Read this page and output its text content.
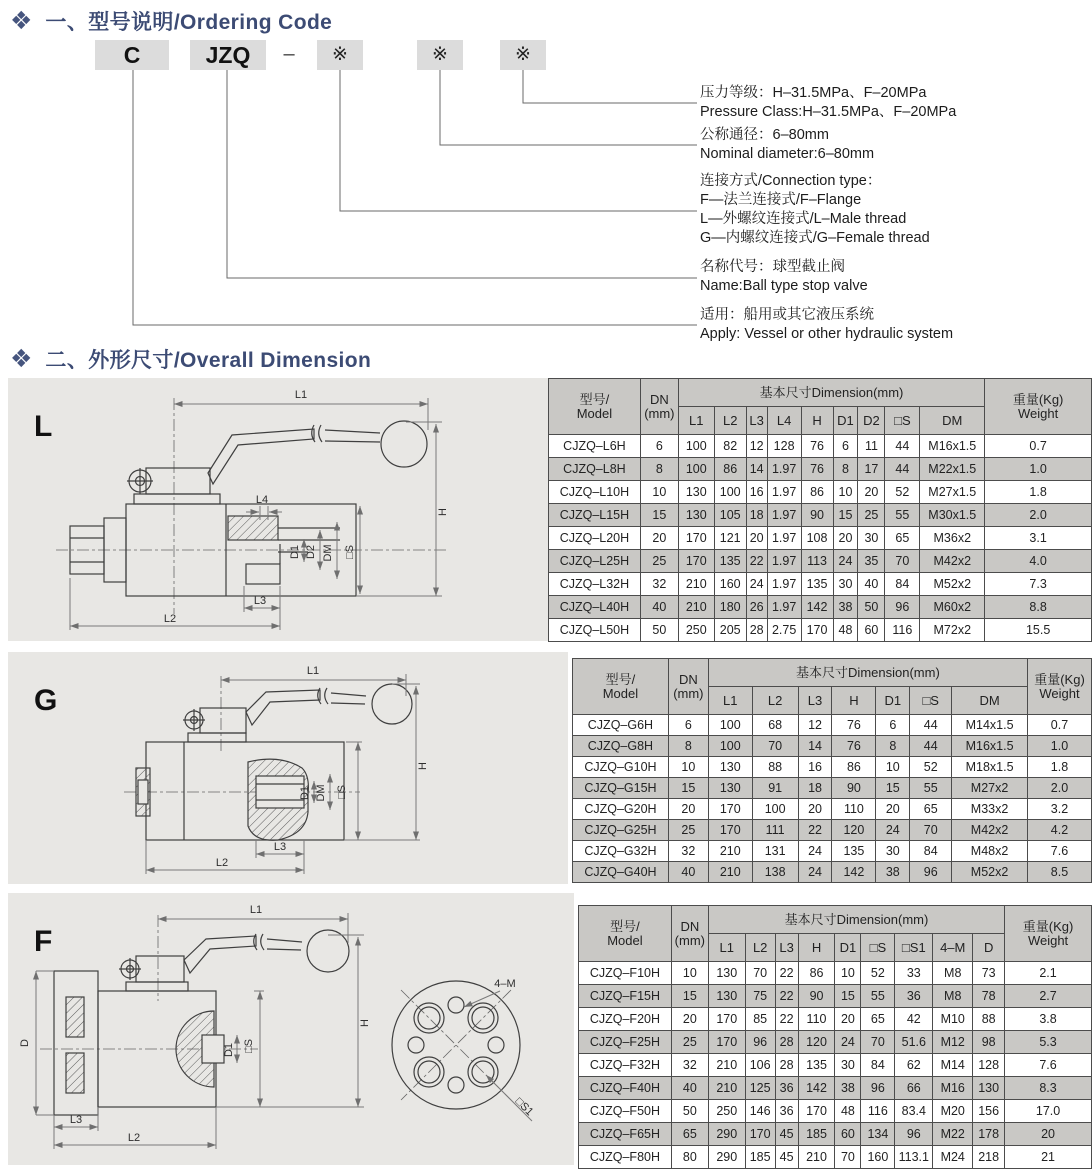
❖ 一、型号说明/Ordering Code
C	JZQ	–	※	※	※
压力等级：H–31.5MPa、F–20MPa
Pressure Class:H–31.5MPa、F–20MPa
公称通径：6–80mm
Nominal diameter:6–80mm
连接方式/Connection type：
F—法兰连接式/F–Flange
L—外螺纹连接式/L–Male thread
G—内螺纹连接式/G–Female thread
名称代号：球型截止阀
Name:Ball type stop valve
适用：船用或其它液压系统
Apply: Vessel or other hydraulic system
❖ 二、外形尺寸/Overall Dimension
L
L1
L4
H
D1 D2 DM □S
L3
L2
型号/
Model	DN
(mm)	基本尺寸Dimension(mm)									重量(Kg)
Weight
		L1	L2	L3	L4	H	D1	D2	□S	DM	
CJZQ–L6H	6	100	82	12	128	76	6	11	44	M16x1.5	0.7
CJZQ–L8H	8	100	86	14	1.97	76	8	17	44	M22x1.5	1.0
CJZQ–L10H	10	130	100	16	1.97	86	10	20	52	M27x1.5	1.8
CJZQ–L15H	15	130	105	18	1.97	90	15	25	55	M30x1.5	2.0
CJZQ–L20H	20	170	121	20	1.97	108	20	30	65	M36x2	3.1
CJZQ–L25H	25	170	135	22	1.97	113	24	35	70	M42x2	4.0
CJZQ–L32H	32	210	160	24	1.97	135	30	40	84	M52x2	7.3
CJZQ–L40H	40	210	180	26	1.97	142	38	50	96	M60x2	8.8
CJZQ–L50H	50	250	205	28	2.75	170	48	60	116	M72x2	15.5
G
L1
H
D1 DM □S
L3
L2
型号/
Model	DN
(mm)	基本尺寸Dimension(mm)							重量(Kg)
Weight
		L1	L2	L3	H	D1	□S	DM	
CJZQ–G6H	6	100	68	12	76	6	44	M14x1.5	0.7
CJZQ–G8H	8	100	70	14	76	8	44	M16x1.5	1.0
CJZQ–G10H	10	130	88	16	86	10	52	M18x1.5	1.8
CJZQ–G15H	15	130	91	18	90	15	55	M27x2	2.0
CJZQ–G20H	20	170	100	20	110	20	65	M33x2	3.2
CJZQ–G25H	25	170	111	22	120	24	70	M42x2	4.2
CJZQ–G32H	32	210	131	24	135	30	84	M48x2	7.6
CJZQ–G40H	40	210	138	24	142	38	96	M52x2	8.5
F
L1
H
D	D1 □S
L3
L2
4–M
□S1
型号/
Model	DN
(mm)	基本尺寸Dimension(mm)									重量(Kg)
Weight
		L1	L2	L3	H	D1	□S	□S1	4–M	D	
CJZQ–F10H	10	130	70	22	86	10	52	33	M8	73	2.1
CJZQ–F15H	15	130	75	22	90	15	55	36	M8	78	2.7
CJZQ–F20H	20	170	85	22	110	20	65	42	M10	88	3.8
CJZQ–F25H	25	170	96	28	120	24	70	51.6	M12	98	5.3
CJZQ–F32H	32	210	106	28	135	30	84	62	M14	128	7.6
CJZQ–F40H	40	210	125	36	142	38	96	66	M16	130	8.3
CJZQ–F50H	50	250	146	36	170	48	116	83.4	M20	156	17.0
CJZQ–F65H	65	290	170	45	185	60	134	96	M22	178	20
CJZQ–F80H	80	290	185	45	210	70	160	113.1	M24	218	21
